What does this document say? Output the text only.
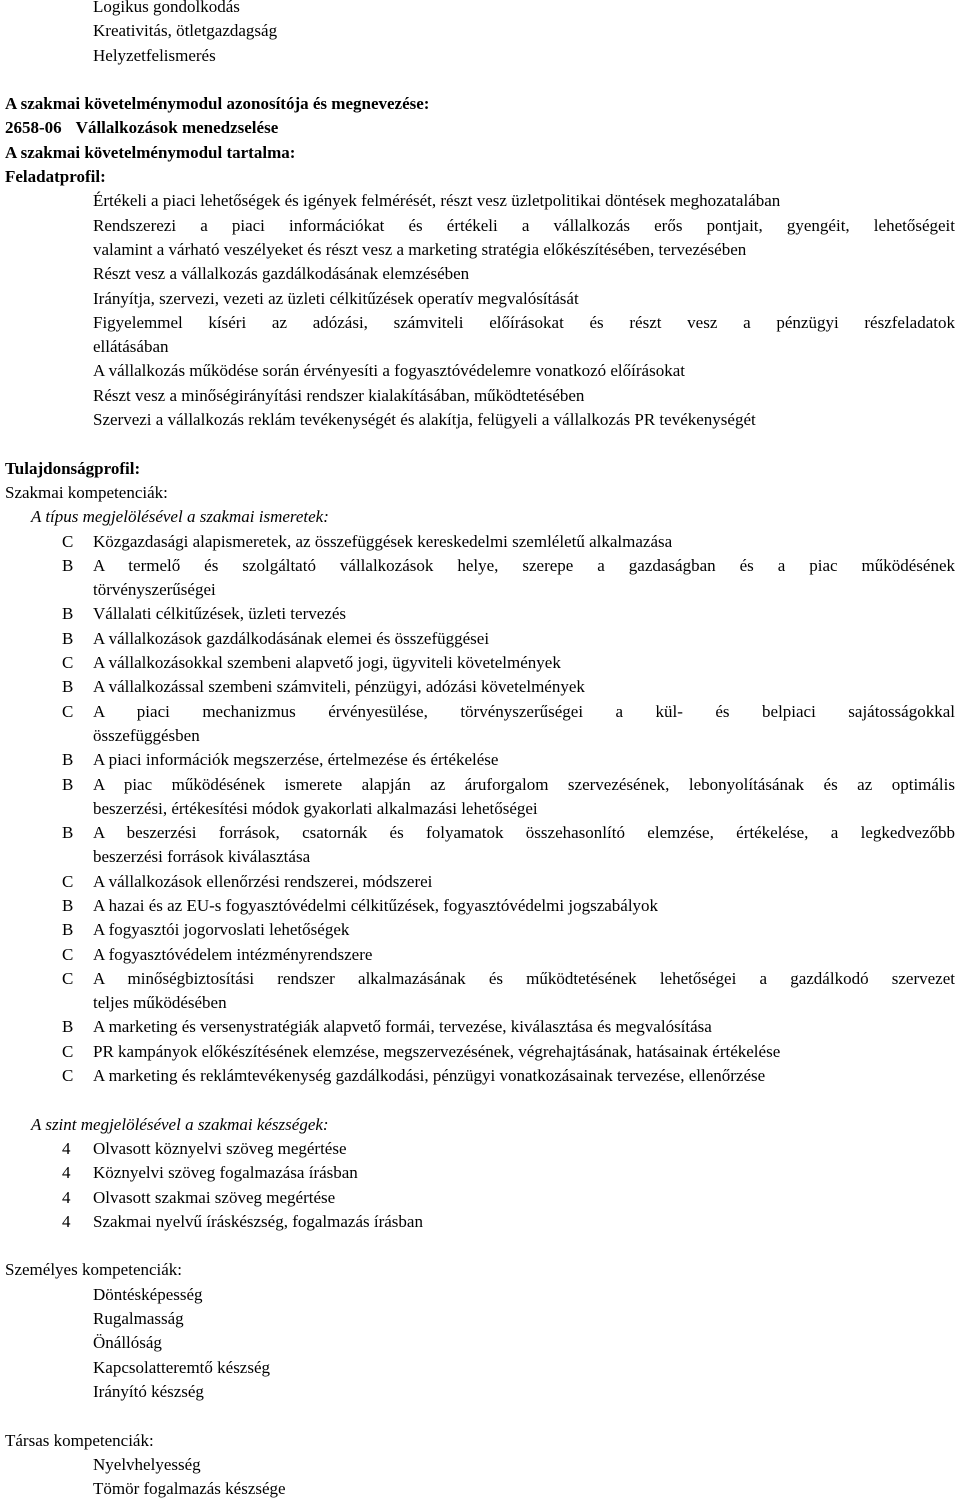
Logikus gondolkodás
Kreativitás, ötletgazdagság
Helyzetfelismerés
A szakmai követelménymodul azonosítója és megnevezése:
2658-06 Vállalkozások menedzselése
A szakmai követelménymodul tartalma:
Feladatprofil:
Értékeli a piaci lehetőségek és igények felmérését, részt vesz üzletpolitikai döntések meghozatalában
Rendszerezi a piaci információkat és értékeli a vállalkozás erős pontjait, gyengéit, lehetőségeit
valamint a várható veszélyeket és részt vesz a marketing stratégia előkészítésében, tervezésében
Részt vesz a vállalkozás gazdálkodásának elemzésében
Irányítja, szervezi, vezeti az üzleti célkitűzések operatív megvalósítását
Figyelemmel kíséri az adózási, számviteli előírásokat és részt vesz a pénzügyi részfeladatok
ellátásában
A vállalkozás működése során érvényesíti a fogyasztóvédelemre vonatkozó előírásokat
Részt vesz a minőségirányítási rendszer kialakításában, működtetésében
Szervezi a vállalkozás reklám tevékenységét és alakítja, felügyeli a vállalkozás PR tevékenységét
Tulajdonságprofil:
Szakmai kompetenciák:
A típus megjelölésével a szakmai ismeretek:
C	Közgazdasági alapismeretek, az összefüggések kereskedelmi szemléletű alkalmazása
B	A termelő és szolgáltató vállalkozások helye, szerepe a gazdaságban és a piac működésének
törvényszerűségei
B	Vállalati célkitűzések, üzleti tervezés
B	A vállalkozások gazdálkodásának elemei és összefüggései
C	A vállalkozásokkal szembeni alapvető jogi, ügyviteli követelmények
B	A vállalkozással szembeni számviteli, pénzügyi, adózási követelmények
C	A piaci mechanizmus érvényesülése, törvényszerűségei a kül- és belpiaci sajátosságokkal
összefüggésben
B	A piaci információk megszerzése, értelmezése és értékelése
B	A piac működésének ismerete alapján az áruforgalom szervezésének, lebonyolításának és az optimális
beszerzési, értékesítési módok gyakorlati alkalmazási lehetőségei
B	A beszerzési források, csatornák és folyamatok összehasonlító elemzése, értékelése, a legkedvezőbb
beszerzési források kiválasztása
C	A vállalkozások ellenőrzési rendszerei, módszerei
B	A hazai és az EU-s fogyasztóvédelmi célkitűzések, fogyasztóvédelmi jogszabályok
B	A fogyasztói jogorvoslati lehetőségek
C	A fogyasztóvédelem intézményrendszere
C	A minőségbiztosítási rendszer alkalmazásának és működtetésének lehetőségei a gazdálkodó szervezet
teljes működésében
B	A marketing és versenystratégiák alapvető formái, tervezése, kiválasztása és megvalósítása
C	PR kampányok előkészítésének elemzése, megszervezésének, végrehajtásának, hatásainak értékelése
C	A marketing és reklámtevékenység gazdálkodási, pénzügyi vonatkozásainak tervezése, ellenőrzése
A szint megjelölésével a szakmai készségek:
4	Olvasott köznyelvi szöveg megértése
4	Köznyelvi szöveg fogalmazása írásban
4	Olvasott szakmai szöveg megértése
4	Szakmai nyelvű íráskészség, fogalmazás írásban
Személyes kompetenciák:
Döntésképesség
Rugalmasság
Önállóság
Kapcsolatteremtő készség
Irányító készség
Társas kompetenciák:
Nyelvhelyesség
Tömör fogalmazás készsége
